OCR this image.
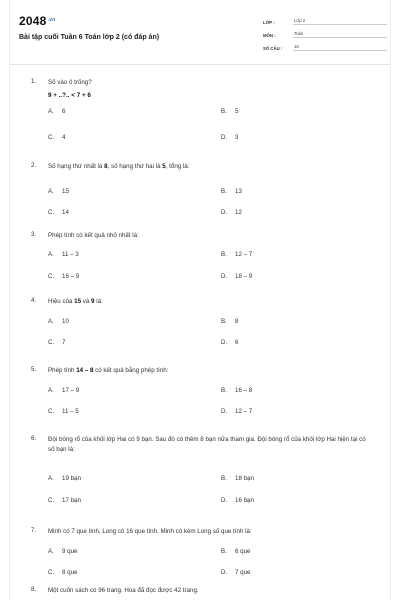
$2048^{.vn}$
Bài tập cuối Tuần 6 Toán lớp 2 (có đáp án)
LỚP :	Lớp 2
MÔN :	Toán
SỐ CÂU :	16
1. Số vào ô trống?
9 + ..?.. < 7 + 6
A. 6	B. 5
C. 4	D. 3
2. Số hạng thứ nhất là 8, số hạng thứ hai là 5, tổng là:
A. 15	B. 13
C. 14	D. 12
3. Phép tính có kết quả nhỏ nhất là:
A. 11 – 3	B. 12 – 7
C. 16 – 9	D. 18 – 9
4. Hiệu của 15 và 9 là:
A. 10	B. 8
C. 7	D. 6
5. Phép tính 14 – 8 có kết quả bằng phép tính:
A. 17 – 9	B. 16 – 8
C. 11 – 5	D. 12 – 7
6. Đội bóng rổ của khối lớp Hai có 9 bạn. Sau đó có thêm 8 bạn nữa tham gia. Đội bóng rổ của khối lớp Hai hiện tại có số bạn là:
A. 19 bạn	B. 18 bạn
C. 17 bạn	D. 16 bạn
7. Minh có 7 que tính, Long có 16 que tính. Minh có kém Long số que tính là:
A. 9 que	B. 6 que
C. 8 que	D. 7 que
8. Một cuốn sách có 96 trang. Hoa đã đọc được 42 trang.
